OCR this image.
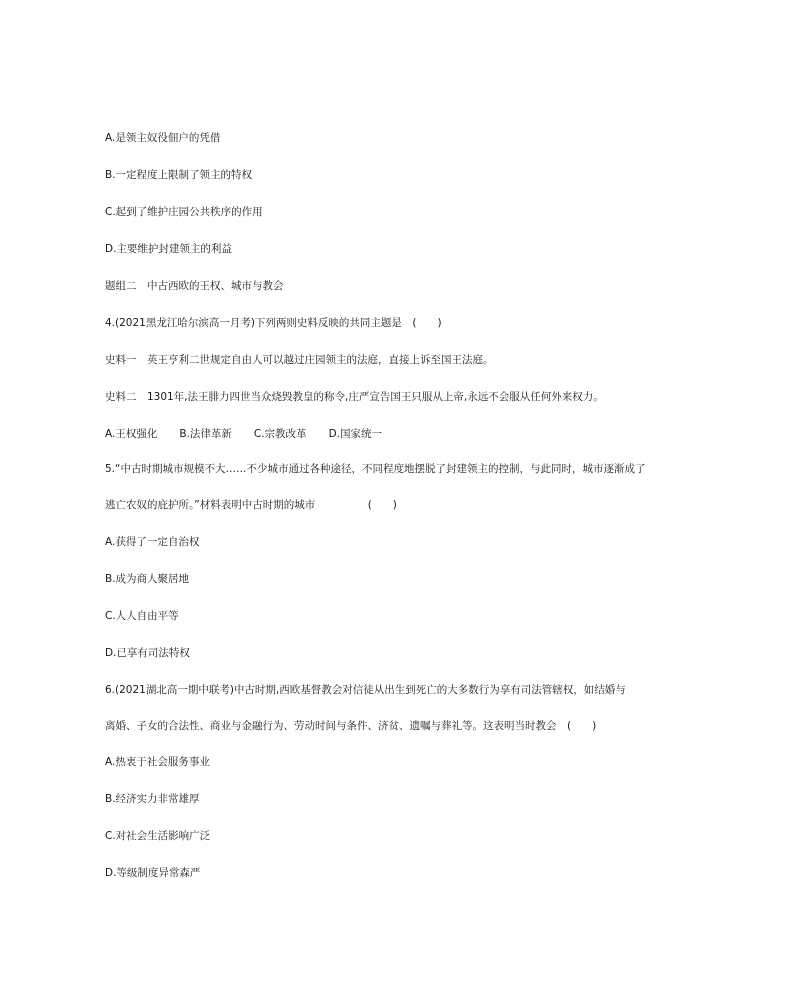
A.是领主奴役佃户的凭借
B.一定程度上限制了领主的特权
C.起到了维护庄园公共秩序的作用
D.主要维护封建领主的利益
题组二　中古西欧的王权、城市与教会
4.(2021黑龙江哈尔滨高一月考)下列两则史料反映的共同主题是　(　　)
史料一　英王亨利二世规定自由人可以越过庄园领主的法庭，直接上诉至国王法庭。
史料二　1301年,法王腓力四世当众烧毁教皇的称令,庄严宣告国王只服从上帝,永远不会服从任何外来权力。
A.王权强化 B.法律革新 C.宗教改革 D.国家统一
5.“中古时期城市规模不大……不少城市通过各种途径，不同程度地摆脱了封建领主的控制，与此同时，城市逐渐成了
逃亡农奴的庇护所。”材料表明中古时期的城市　　　　　(　　)
A.获得了一定自治权
B.成为商人聚居地
C.人人自由平等
D.已享有司法特权
6.(2021湖北高一期中联考)中古时期,西欧基督教会对信徒从出生到死亡的大多数行为享有司法管辖权，如结婚与
离婚、子女的合法性、商业与金融行为、劳动时间与条件、济贫、遗嘱与葬礼等。这表明当时教会　(　　)
A.热衷于社会服务事业
B.经济实力非常雄厚
C.对社会生活影响广泛
D.等级制度异常森严
